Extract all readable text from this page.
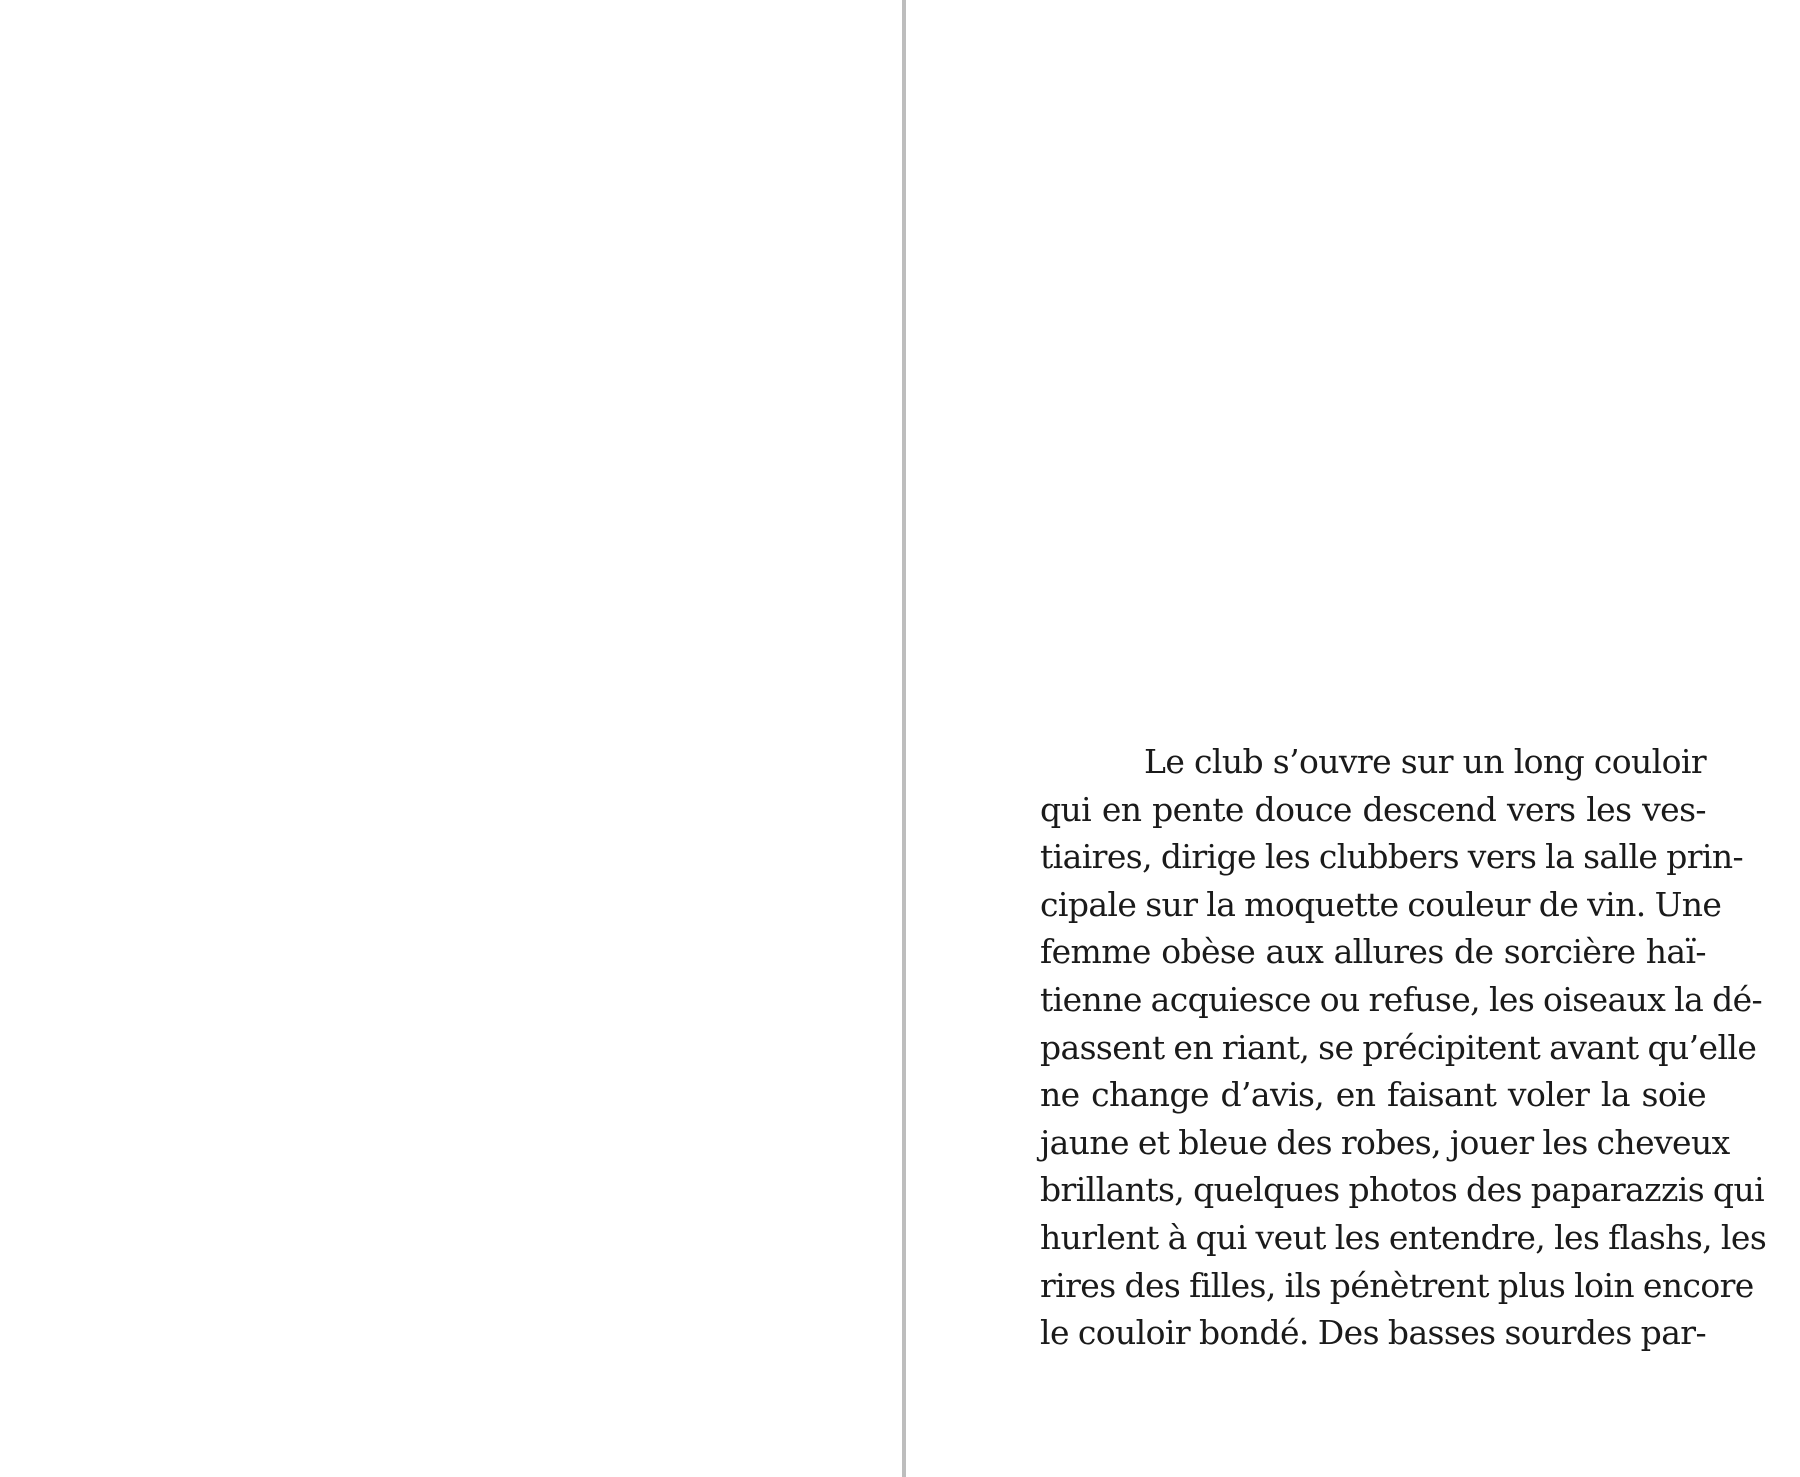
Le club s’ouvre sur un long couloir
qui en pente douce descend vers les ves-
tiaires, dirige les clubbers vers la salle prin-
cipale sur la moquette couleur de vin. Une
femme obèse aux allures de sorcière haï-
tienne acquiesce ou refuse, les oiseaux la dé-
passent en riant, se précipitent avant qu’elle
ne change d’avis, en faisant voler la soie
jaune et bleue des robes, jouer les cheveux
brillants, quelques photos des paparazzis qui
hurlent à qui veut les entendre, les flashs, les
rires des filles, ils pénètrent plus loin encore
le couloir bondé. Des basses sourdes par-
